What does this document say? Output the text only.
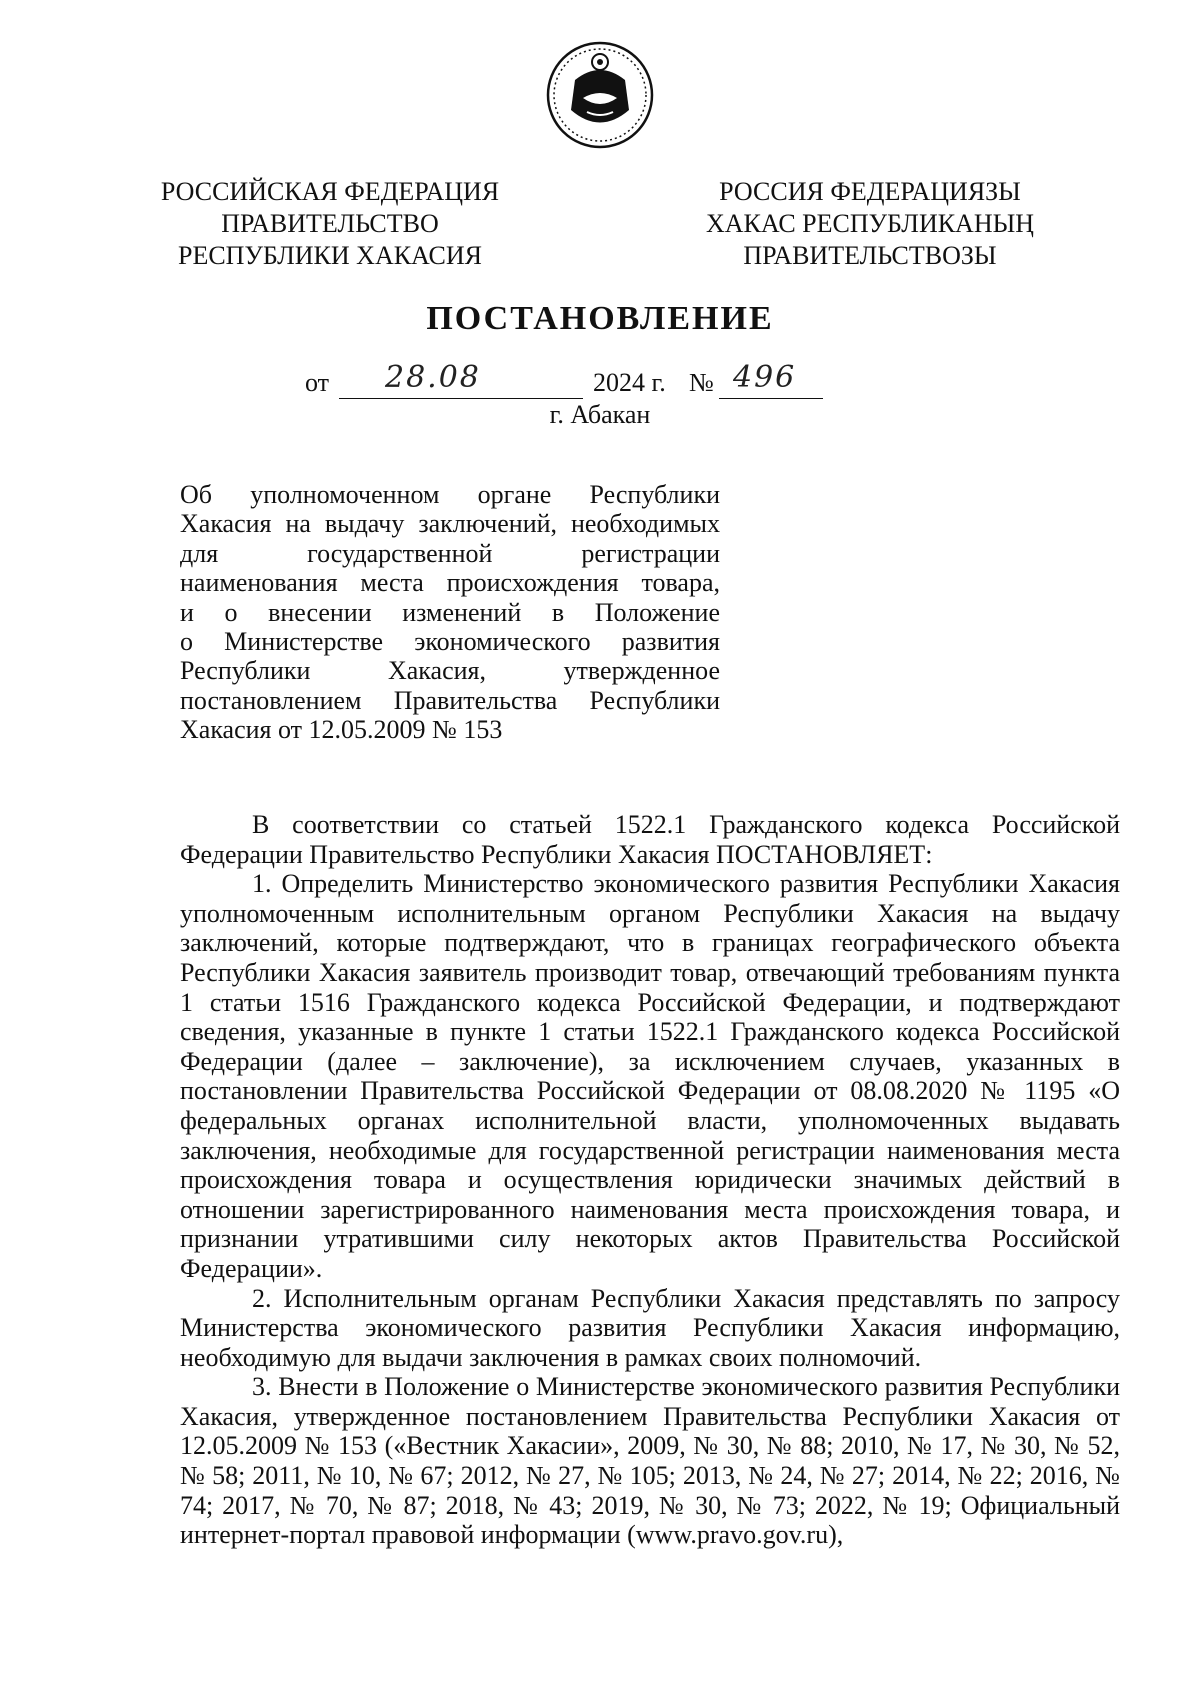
РОССИЙСКАЯ ФЕДЕРАЦИЯ
ПРАВИТЕЛЬСТВО
РЕСПУБЛИКИ ХАКАСИЯ
РОССИЯ ФЕДЕРАЦИЯЗЫ
ХАКАС РЕСПУБЛИКАНЫҢ
ПРАВИТЕЛЬСТВОЗЫ
ПОСТАНОВЛЕНИЕ
от 28.08	2024 г. № 496
г. Абакан
Об уполномоченном органе Республики
Хакасия на выдачу заключений, необходимых
для государственной регистрации
наименования места происхождения товара,
и о внесении изменений в Положение
о Министерстве экономического развития
Республики Хакасия, утвержденное
постановлением Правительства Республики
Хакасия от 12.05.2009 № 153

В соответствии со статьей 1522.1 Гражданского кодекса Российской Федерации Правительство Республики Хакасия ПОСТАНОВЛЯЕТ:

1. Определить Министерство экономического развития Республики Хакасия уполномоченным исполнительным органом Республики Хакасия на выдачу заключений, которые подтверждают, что в границах географического объекта Республики Хакасия заявитель производит товар, отвечающий требованиям пункта 1 статьи 1516 Гражданского кодекса Российской Федерации, и подтверждают сведения, указанные в пункте 1 статьи 1522.1 Гражданского кодекса Российской Федерации (далее – заключение), за исключением случаев, указанных в постановлении Правительства Российской Федерации от 08.08.2020 № 1195 «О федеральных органах исполнительной власти, уполномоченных выдавать заключения, необходимые для государственной регистрации наименования места происхождения товара и осуществления юридически значимых действий в отношении зарегистрированного наименования места происхождения товара, и признании утратившими силу некоторых актов Правительства Российской Федерации».

2. Исполнительным органам Республики Хакасия представлять по запросу Министерства экономического развития Республики Хакасия информацию, необходимую для выдачи заключения в рамках своих полномочий.

3. Внести в Положение о Министерстве экономического развития Республики Хакасия, утвержденное постановлением Правительства Республики Хакасия от 12.05.2009 № 153 («Вестник Хакасии», 2009, № 30, № 88; 2010, № 17, № 30, № 52, № 58; 2011, № 10, № 67; 2012, № 27, № 105; 2013, № 24, № 27; 2014, № 22; 2016, № 74; 2017, № 70, № 87; 2018, № 43; 2019, № 30, № 73; 2022, № 19; Официальный интернет-портал правовой информации (www.pravo.gov.ru),
